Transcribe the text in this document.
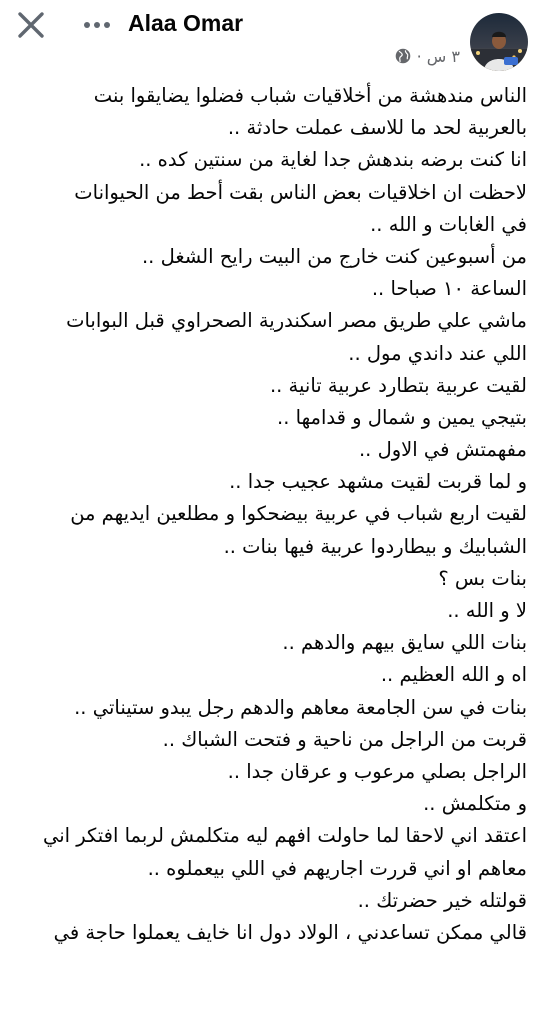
Alaa Omar
٣ س ·
الناس مندهشة من أخلاقيات شباب فضلوا يضايقوا بنت
بالعربية لحد ما للاسف عملت حادثة ..
انا كنت برضه بندهش جدا لغاية من سنتين كده ..
لاحظت ان اخلاقيات بعض الناس بقت أحط من الحيوانات
في الغابات و الله ..
من أسبوعين كنت خارج من البيت رايح الشغل ..
الساعة ١٠ صباحا ..
ماشي علي طريق مصر اسكندرية الصحراوي قبل البوابات
اللي عند داندي مول ..
لقيت عربية بتطارد عربية تانية ..
بتيجي يمين و شمال و قدامها ..
مفهمتش في الاول ..
و لما قربت لقيت مشهد عجيب جدا ..
لقيت اربع شباب في عربية بيضحكوا و مطلعين ايديهم من
الشبابيك و بيطاردوا عربية فيها بنات ..
بنات بس ؟
لا و الله ..
بنات اللي سايق بيهم والدهم ..
اه و الله العظيم ..
بنات في سن الجامعة معاهم والدهم رجل يبدو ستيناتي ..
قربت من الراجل من ناحية و فتحت الشباك ..
الراجل بصلي مرعوب و عرقان جدا ..
و متكلمش ..
اعتقد اني لاحقا لما حاولت افهم ليه متكلمش لربما افتكر اني
معاهم او اني قررت اجاريهم في اللي بيعملوه ..
قولتله خير حضرتك ..
قالي ممكن تساعدني ، الولاد دول انا خايف يعملوا حاجة في
